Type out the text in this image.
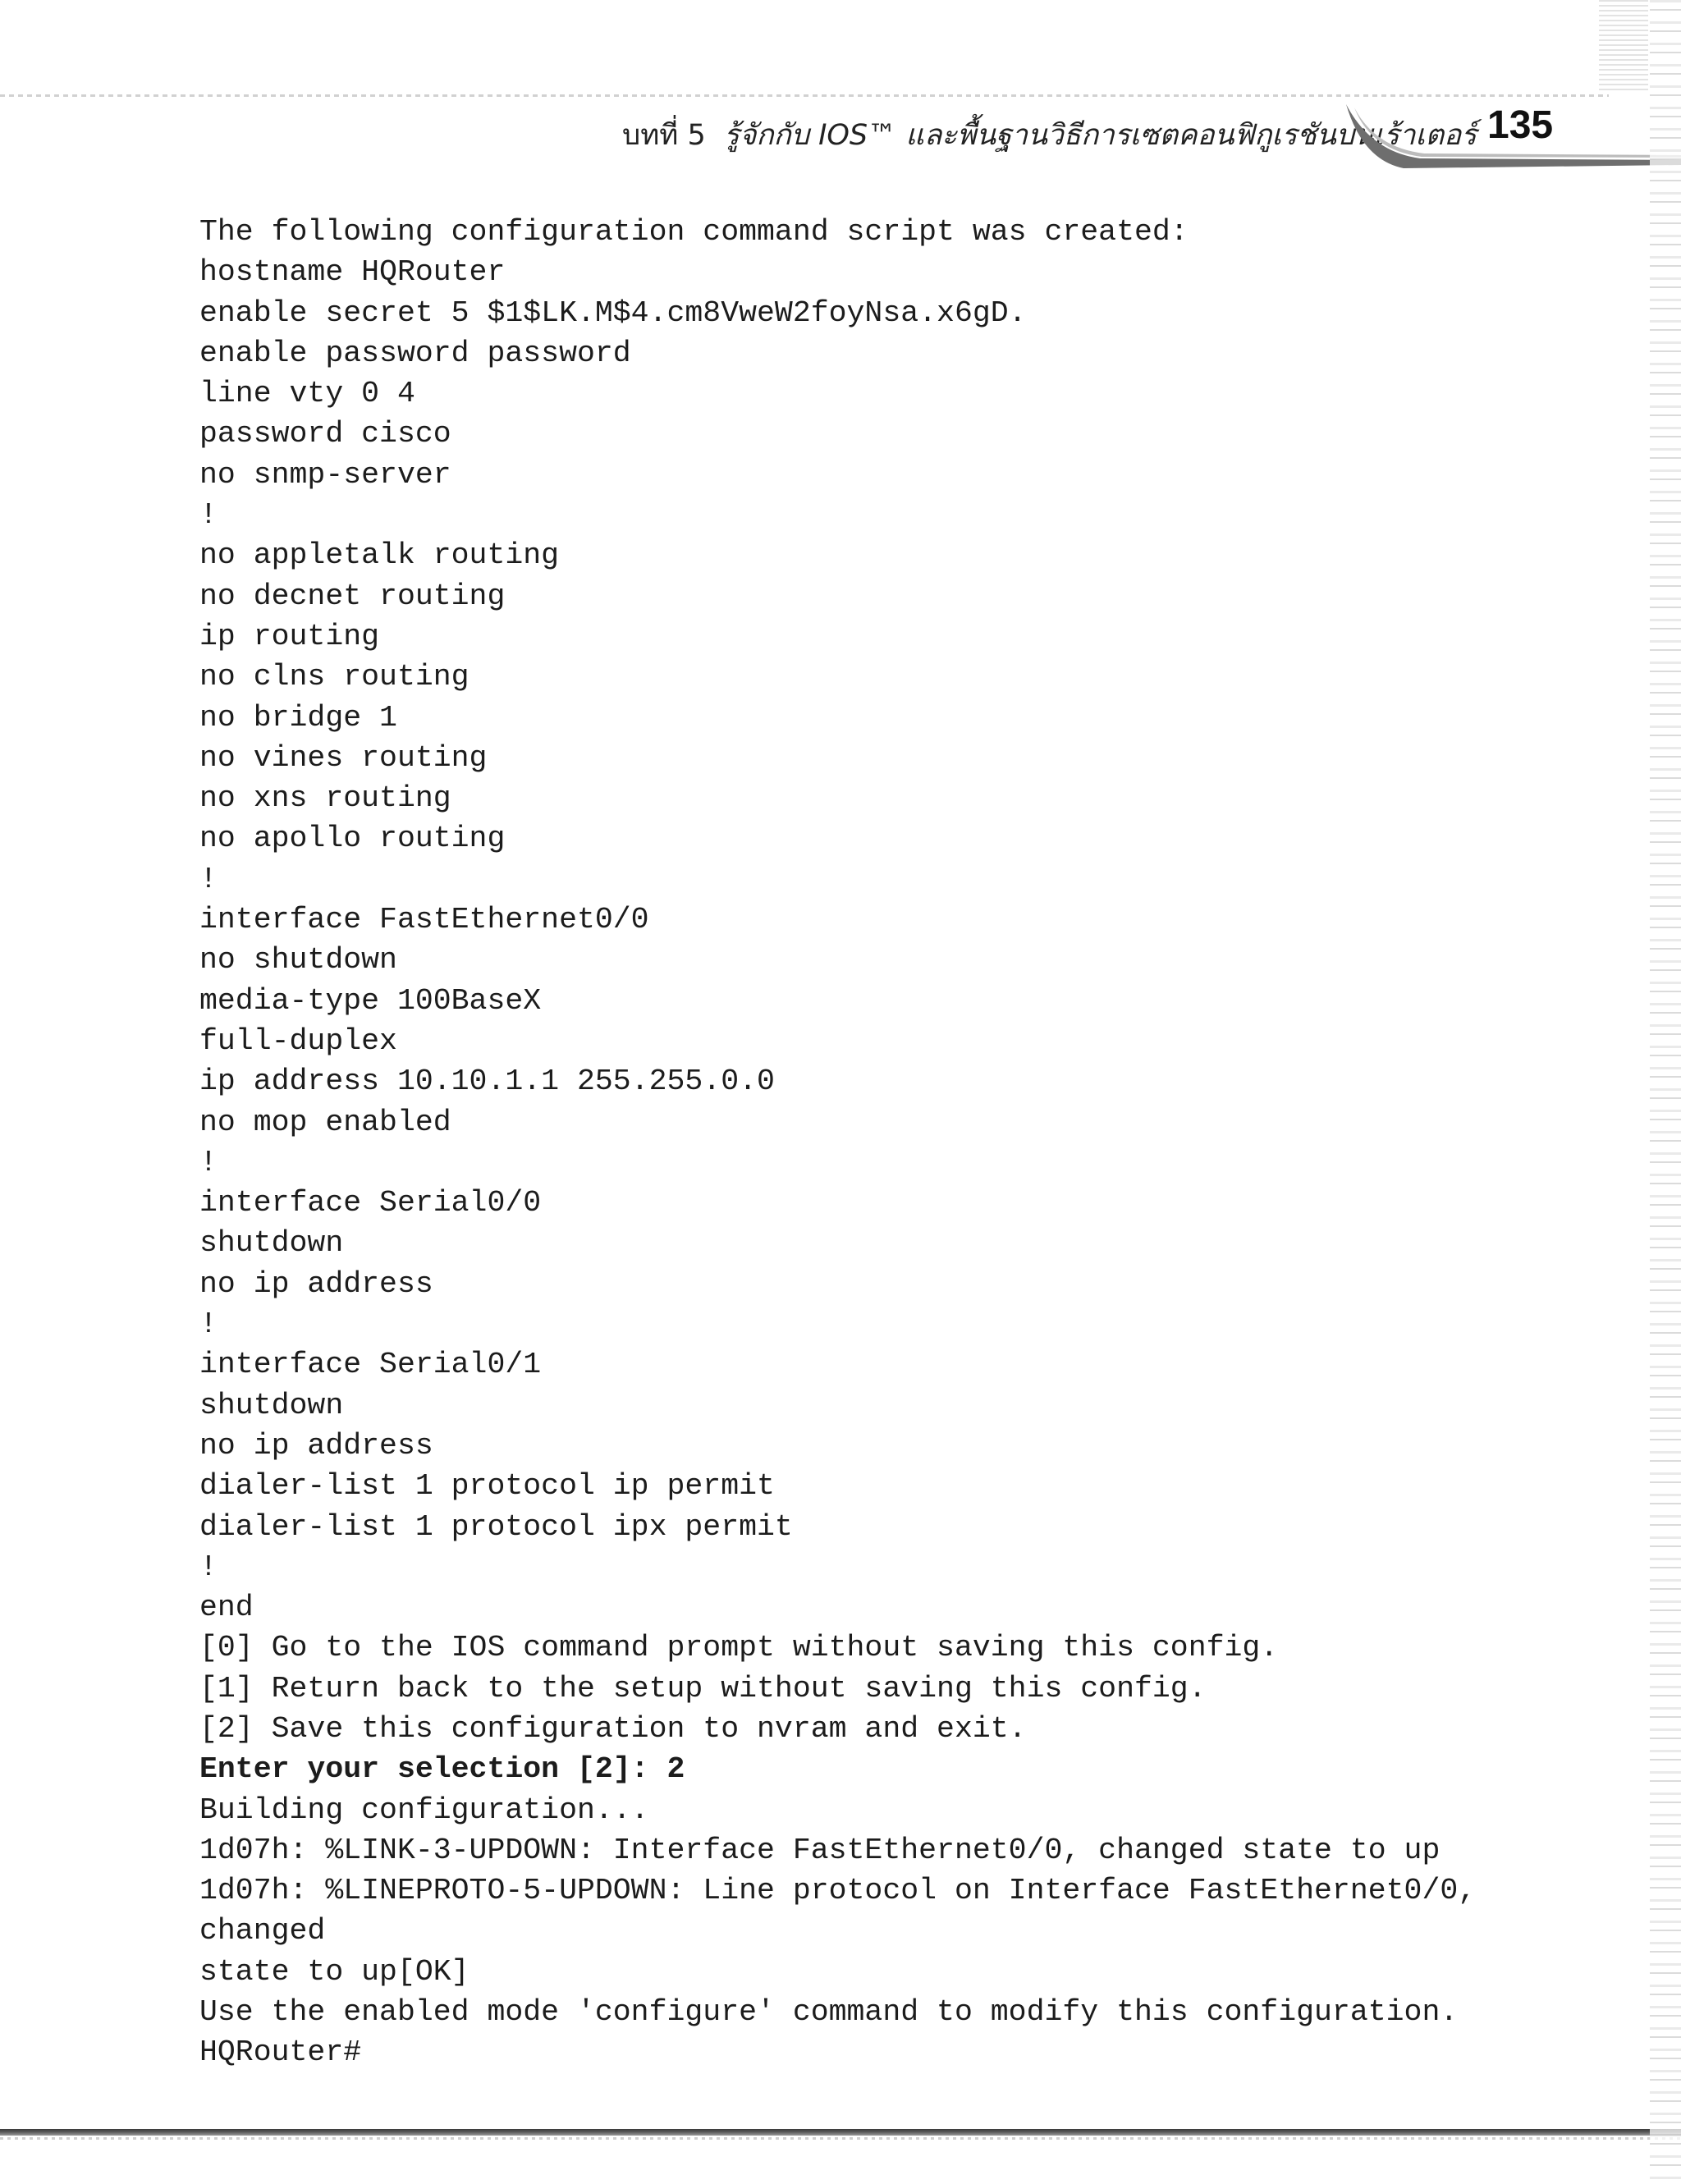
บทที่ 5 รู้จักกับ IOS™ และพื้นฐานวิธีการเซตคอนฟิกูเรชันบนเร้าเตอร์ 135
The following configuration command script was created:
hostname HQRouter
enable secret 5 $1$LK.M$4.cm8VweW2foyNsa.x6gD.
enable password password
line vty 0 4
password cisco
no snmp-server
!
no appletalk routing
no decnet routing
ip routing
no clns routing
no bridge 1
no vines routing
no xns routing
no apollo routing
!
interface FastEthernet0/0
no shutdown
media-type 100BaseX
full-duplex
ip address 10.10.1.1 255.255.0.0
no mop enabled
!
interface Serial0/0
shutdown
no ip address
!
interface Serial0/1
shutdown
no ip address
dialer-list 1 protocol ip permit
dialer-list 1 protocol ipx permit
!
end
[0] Go to the IOS command prompt without saving this config.
[1] Return back to the setup without saving this config.
[2] Save this configuration to nvram and exit.
Enter your selection [2]: 2
Building configuration...
1d07h: %LINK-3-UPDOWN: Interface FastEthernet0/0, changed state to up
1d07h: %LINEPROTO-5-UPDOWN: Line protocol on Interface FastEthernet0/0,
changed
state to up[OK]
Use the enabled mode 'configure' command to modify this configuration.
HQRouter#
